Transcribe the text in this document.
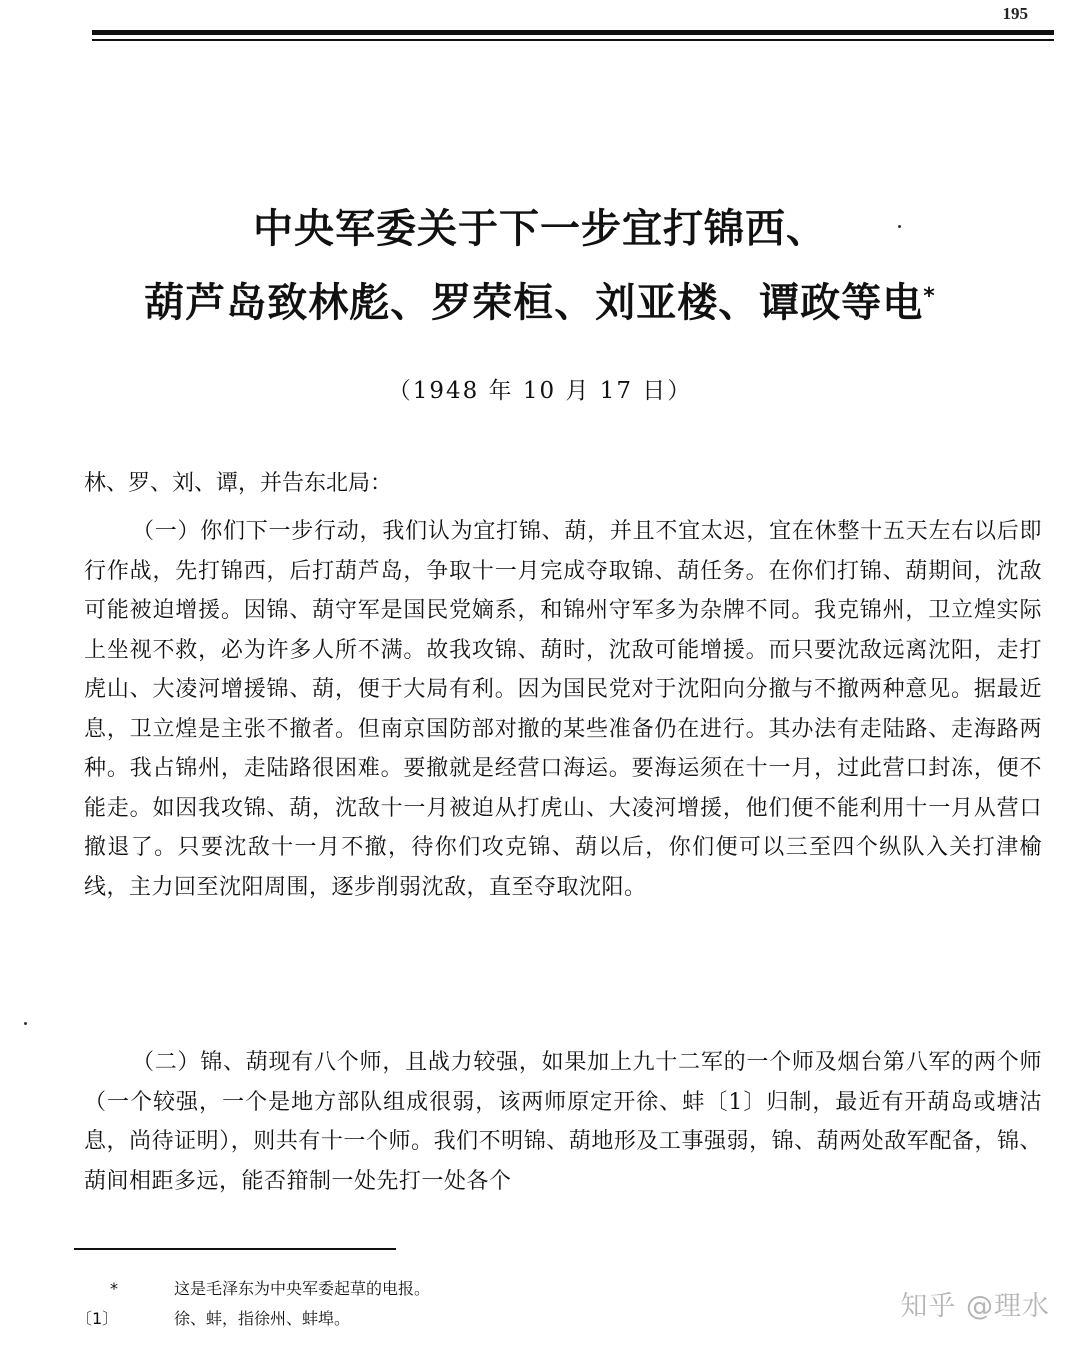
195
中央军委关于下一步宜打锦西、
葫芦岛致林彪、罗荣桓、刘亚楼、谭政等电*
（1948 年 10 月 17 日）
林、罗、刘、谭，并告东北局：
（一）你们下一步行动，我们认为宜打锦、葫，并且不宜太迟，宜在休整十五天左右以后即行作战，先打锦西，后打葫芦岛，争取十一月完成夺取锦、葫任务。在你们打锦、葫期间，沈敌可能被迫增援。因锦、葫守军是国民党嫡系，和锦州守军多为杂牌不同。我克锦州，卫立煌实际上坐视不救，必为许多人所不满。故我攻锦、葫时，沈敌可能增援。而只要沈敌远离沈阳，走打虎山、大凌河增援锦、葫，便于大局有利。因为国民党对于沈阳向分撤与不撤两种意见。据最近息，卫立煌是主张不撤者。但南京国防部对撤的某些准备仍在进行。其办法有走陆路、走海路两种。我占锦州，走陆路很困难。要撤就是经营口海运。要海运须在十一月，过此营口封冻，便不能走。如因我攻锦、葫，沈敌十一月被迫从打虎山、大凌河增援，他们便不能利用十一月从营口撤退了。只要沈敌十一月不撤，待你们攻克锦、葫以后，你们便可以三至四个纵队入关打津榆线，主力回至沈阳周围，逐步削弱沈敌，直至夺取沈阳。
（二）锦、葫现有八个师，且战力较强，如果加上九十二军的一个师及烟台第八军的两个师（一个较强，一个是地方部队组成很弱，该两师原定开徐、蚌〔1〕归制，最近有开葫岛或塘沽息，尚待证明），则共有十一个师。我们不明锦、葫地形及工事强弱，锦、葫两处敌军配备，锦、葫间相距多远，能否箝制一处先打一处各个
*	这是毛泽东为中央军委起草的电报。
〔1〕	徐、蚌，指徐州、蚌埠。	知乎 @理水
